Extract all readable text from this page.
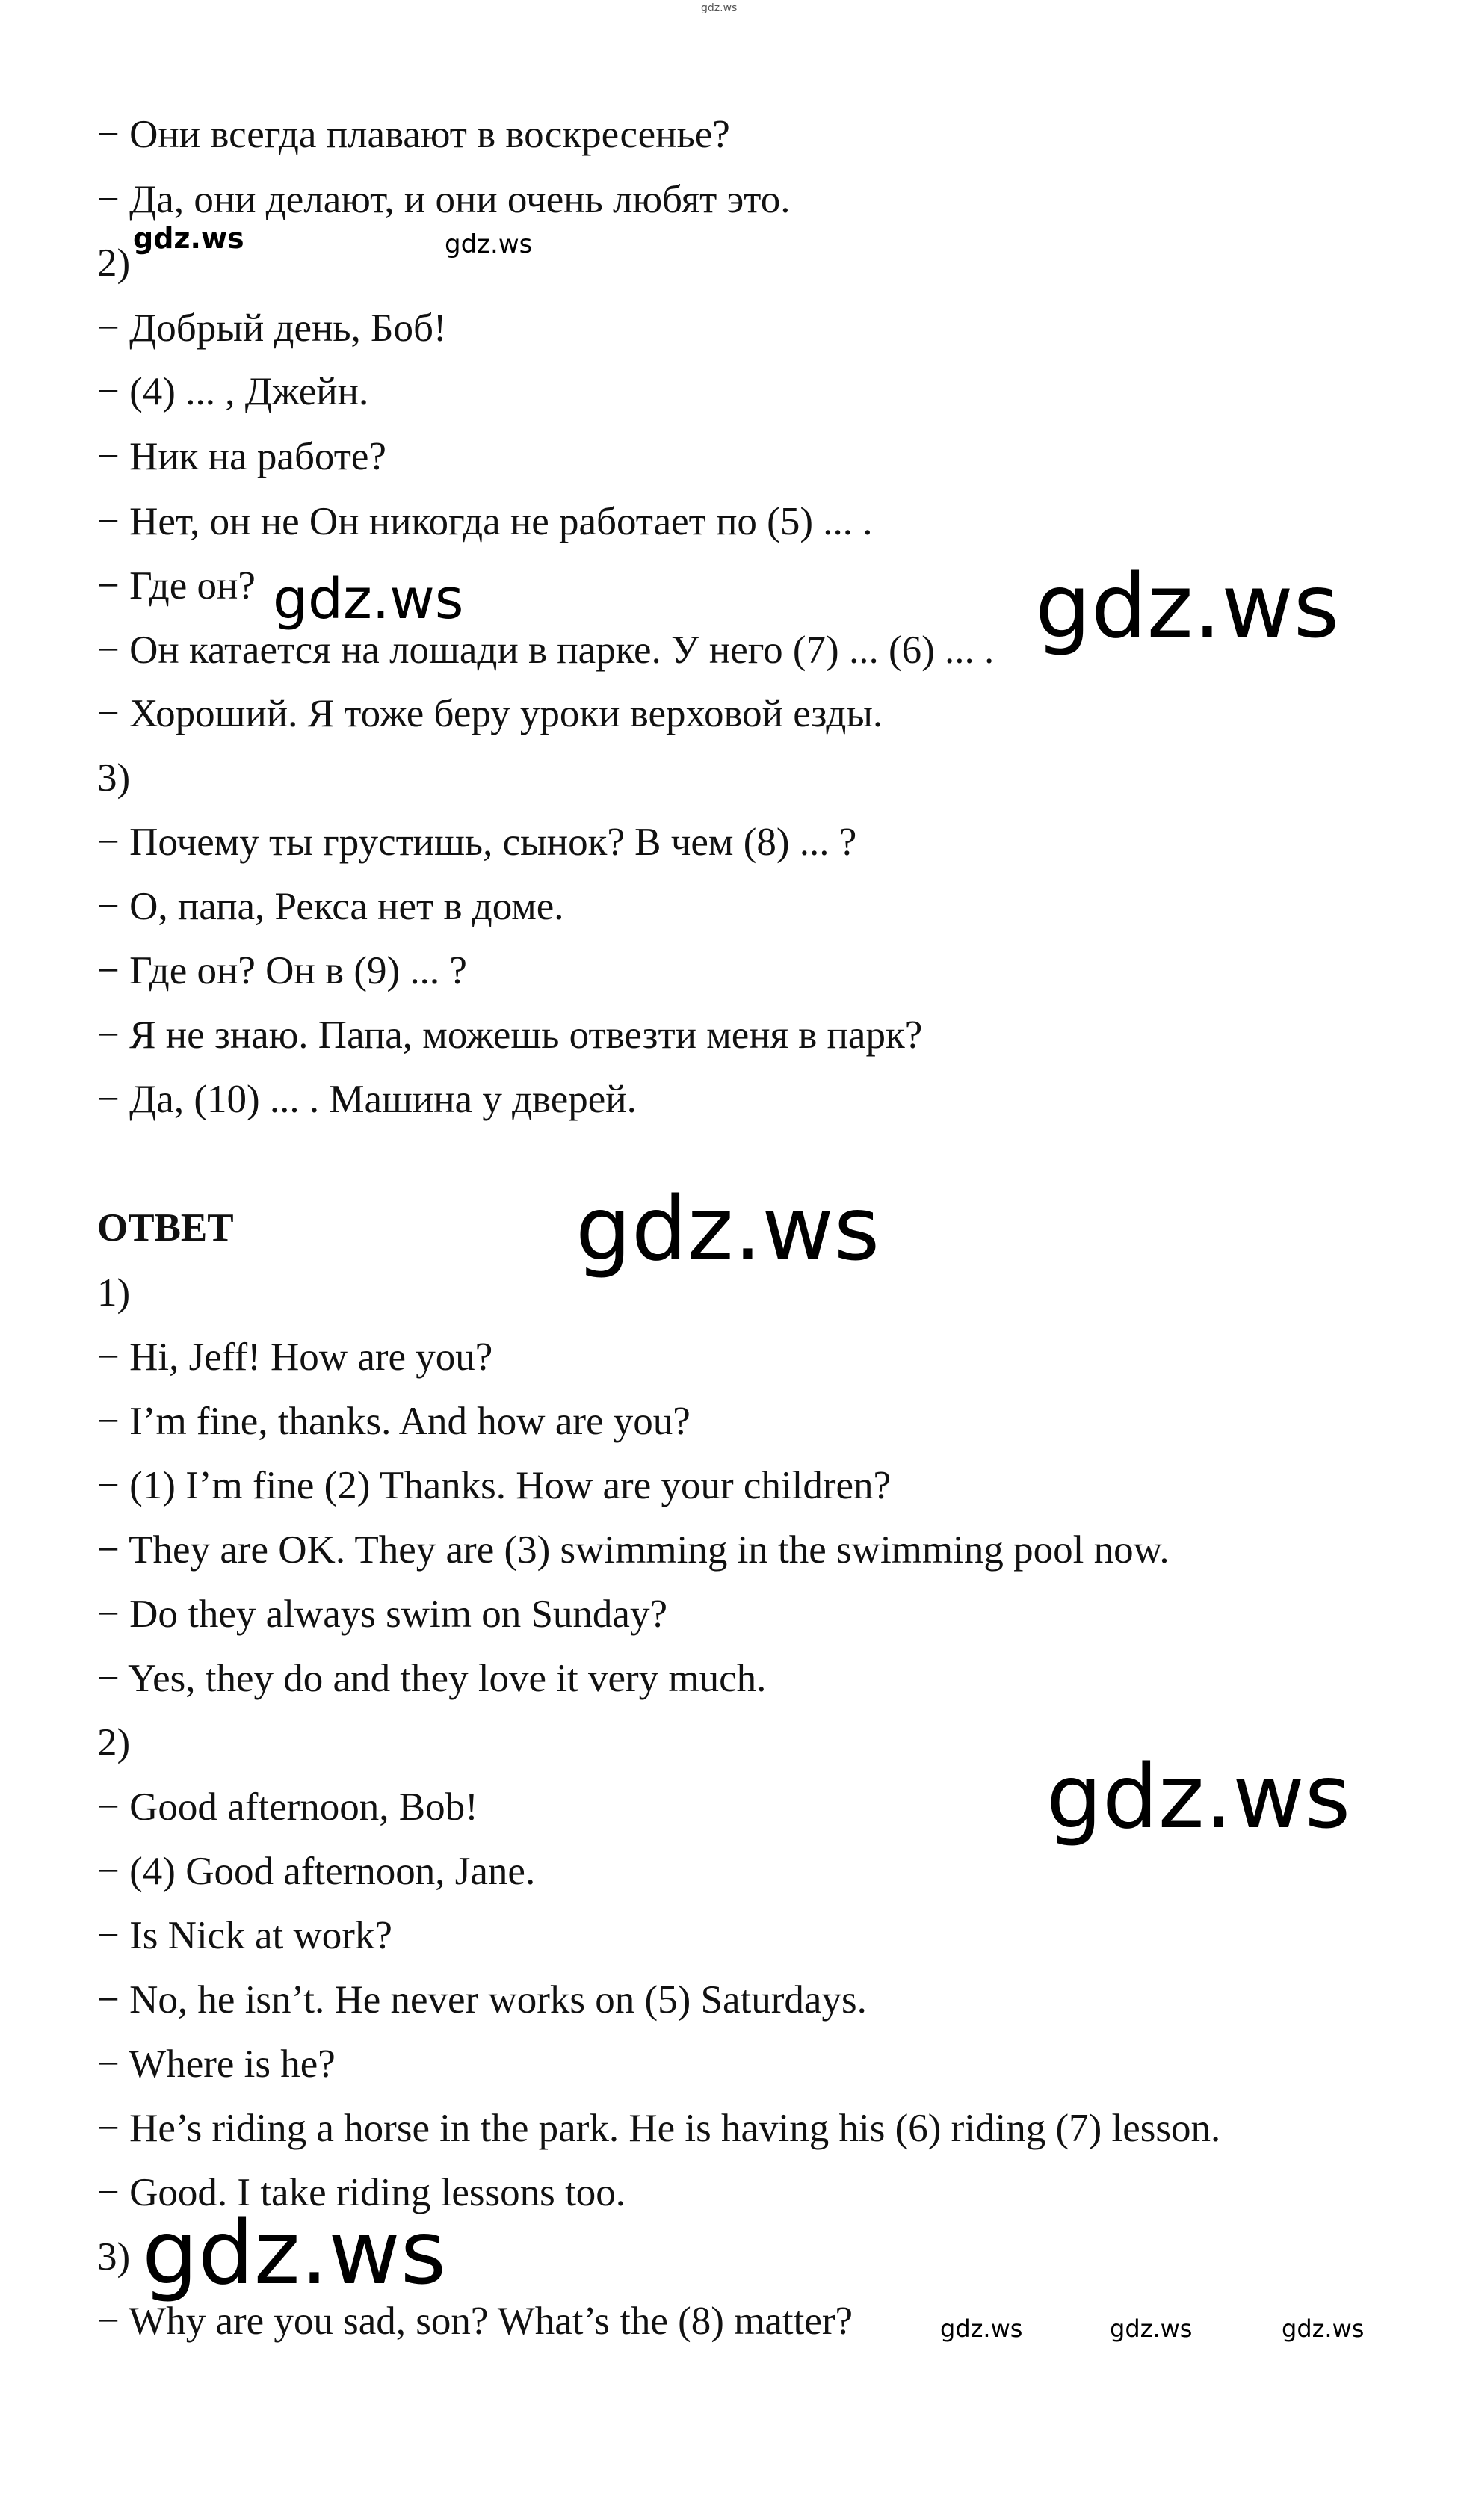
− Они всегда плавают в воскресенье?
− Да, они делают, и они очень любят это.
2)
− Добрый день, Боб!
− (4) ... , Джейн.
− Ник на работе?
− Нет, он не Он никогда не работает по (5) ... .
− Где он?
− Он катается на лошади в парке. У него (7) ... (6) ... .
− Хороший. Я тоже беру уроки верховой езды.
3)
− Почему ты грустишь, сынок? В чем (8) ... ?
− О, папа, Рекса нет в доме.
− Где он? Он в (9) ... ?
− Я не знаю. Папа, можешь отвезти меня в парк?
− Да, (10) ... . Машина у дверей.
ОТВЕТ
1)
− Hi, Jeff! How are you?
− I’m fine, thanks. And how are you?
− (1) I’m fine (2) Thanks. How are your children?
− They are OK. They are (3) swimming in the swimming pool now.
− Do they always swim on Sunday?
− Yes, they do and they love it very much.
2)
− Good afternoon, Bob!
− (4) Good afternoon, Jane.
− Is Nick at work?
− No, he isn’t. He never works on (5) Saturdays.
− Where is he?
− He’s riding a horse in the park. He is having his (6) riding (7) lesson.
− Good. I take riding lessons too.
3)
− Why are you sad, son? What’s the (8) matter?
gdz.ws
gdz.ws	gdz.ws
gdz.ws	gdz.ws
gdz.ws
gdz.ws
gdz.ws
gdz.ws	gdz.ws	gdz.ws
